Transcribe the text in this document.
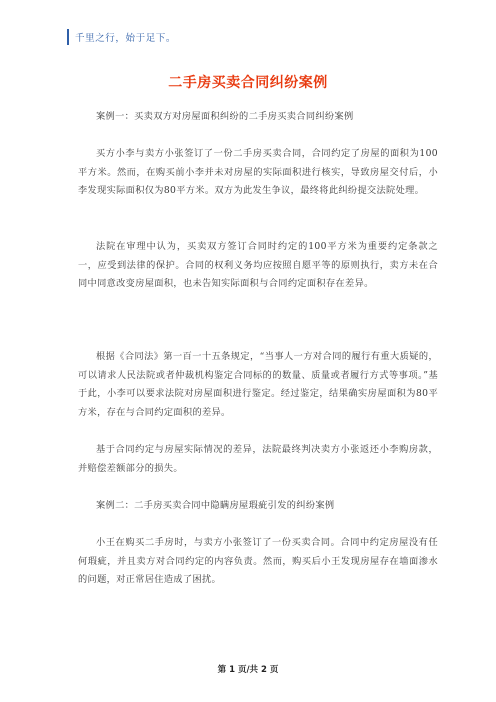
千里之行，始于足下。
二手房买卖合同纠纷案例

案例一：买卖双方对房屋面积纠纷的二手房买卖合同纠纷案例

买方小李与卖方小张签订了一份二手房买卖合同，合同约定了房屋的面积为100平方米。然而，在购买前小李并未对房屋的实际面积进行核实，导致房屋交付后，小李发现实际面积仅为80平方米。双方为此发生争议，最终将此纠纷提交法院处理。

法院在审理中认为，买卖双方签订合同时约定的100平方米为重要约定条款之一，应受到法律的保护。合同的权利义务均应按照自愿平等的原则执行，卖方未在合同中同意改变房屋面积，也未告知实际面积与合同约定面积存在差异。

根据《合同法》第一百一十五条规定，“当事人一方对合同的履行有重大质疑的，可以请求人民法院或者仲裁机构鉴定合同标的的数量、质量或者履行方式等事项。”基于此，小李可以要求法院对房屋面积进行鉴定。经过鉴定，结果确实房屋面积为80平方米，存在与合同约定面积的差异。

基于合同约定与房屋实际情况的差异，法院最终判决卖方小张返还小李购房款，并赔偿差额部分的损失。

案例二：二手房买卖合同中隐瞒房屋瑕疵引发的纠纷案例

小王在购买二手房时，与卖方小张签订了一份买卖合同。合同中约定房屋没有任何瑕疵，并且卖方对合同约定的内容负责。然而，购买后小王发现房屋存在墙面渗水的问题，对正常居住造成了困扰。

第 1 页/共 2 页
